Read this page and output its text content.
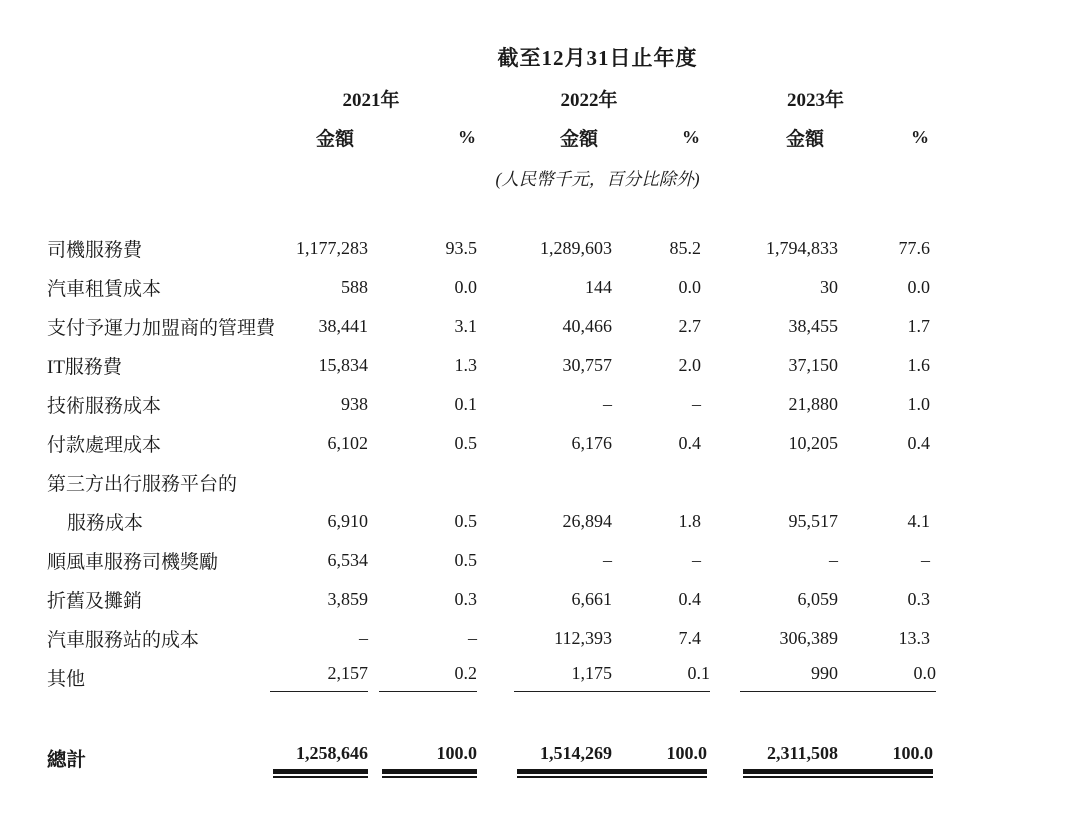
	截至12月31日止年度					
	2021年		2022年		2023年	
	金額	%	金額	%	金額	%
	(人民幣千元，百分比除外)					

司機服務費	1,177,283	93.5	1,289,603	85.2	1,794,833	77.6
汽車租賃成本	588	0.0	144	0.0	30	0.0
支付予運力加盟商的管理費	38,441	3.1	40,466	2.7	38,455	1.7
IT服務費	15,834	1.3	30,757	2.0	37,150	1.6
技術服務成本	938	0.1	–	–	21,880	1.0
付款處理成本	6,102	0.5	6,176	0.4	10,205	0.4
第三方出行服務平台的						
服務成本	6,910	0.5	26,894	1.8	95,517	4.1
順風車服務司機獎勵	6,534	0.5	–	–	–	–
折舊及攤銷	3,859	0.3	6,661	0.4	6,059	0.3
汽車服務站的成本	–	–	112,393	7.4	306,389	13.3
其他	2,157	0.2	1,175	0.1	990	0.0

總計	1,258,646	100.0	1,514,269	100.0	2,311,508	100.0
